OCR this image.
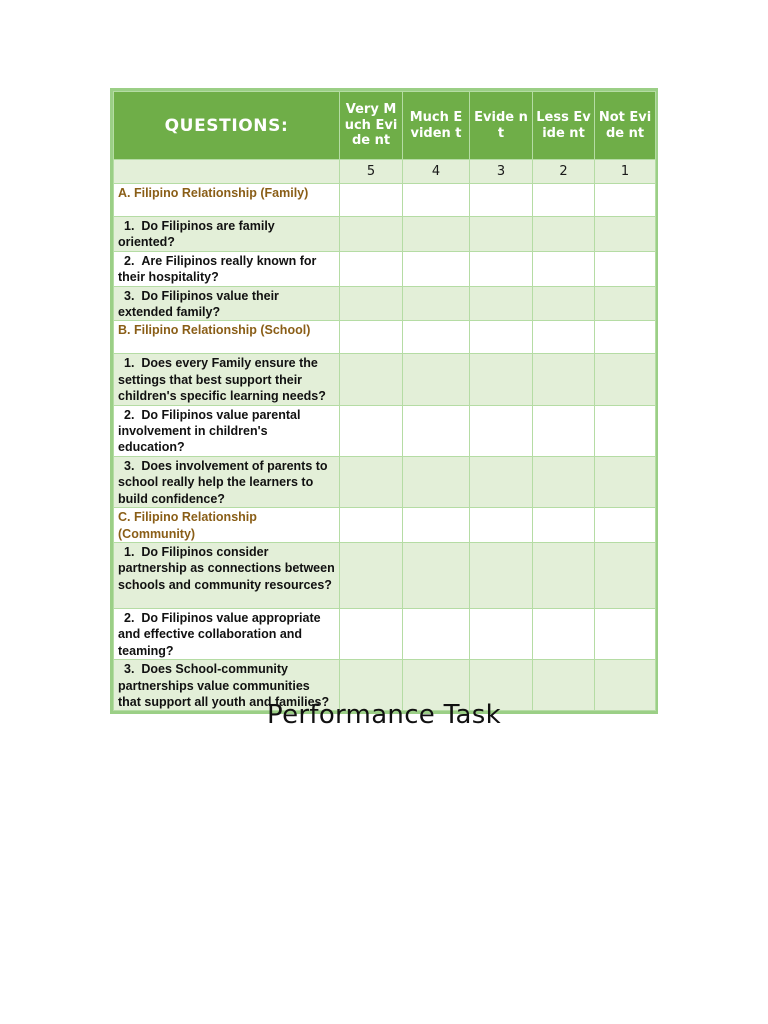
QUESTIONS:	Very Much Evide nt	Much Eviden t	Evide nt	Less Evide nt	Not Evide nt
	5	4	3	2	1
A. Filipino Relationship (Family)					
1. Do Filipinos are family oriented?					
2. Are Filipinos really known for their hospitality?					
3. Do Filipinos value their extended family?					
B. Filipino Relationship (School)					
1. Does every Family ensure the settings that best support their children's specific learning needs?					
2. Do Filipinos value parental involvement in children's education?					
3. Does involvement of parents to school really help the learners to build confidence?					
C. Filipino Relationship (Community)					
1. Do Filipinos consider partnership as connections between schools and community resources?					
2. Do Filipinos value appropriate and effective collaboration and teaming?					
3. Does School-community partnerships value communities that support all youth and families?					
Performance Task
